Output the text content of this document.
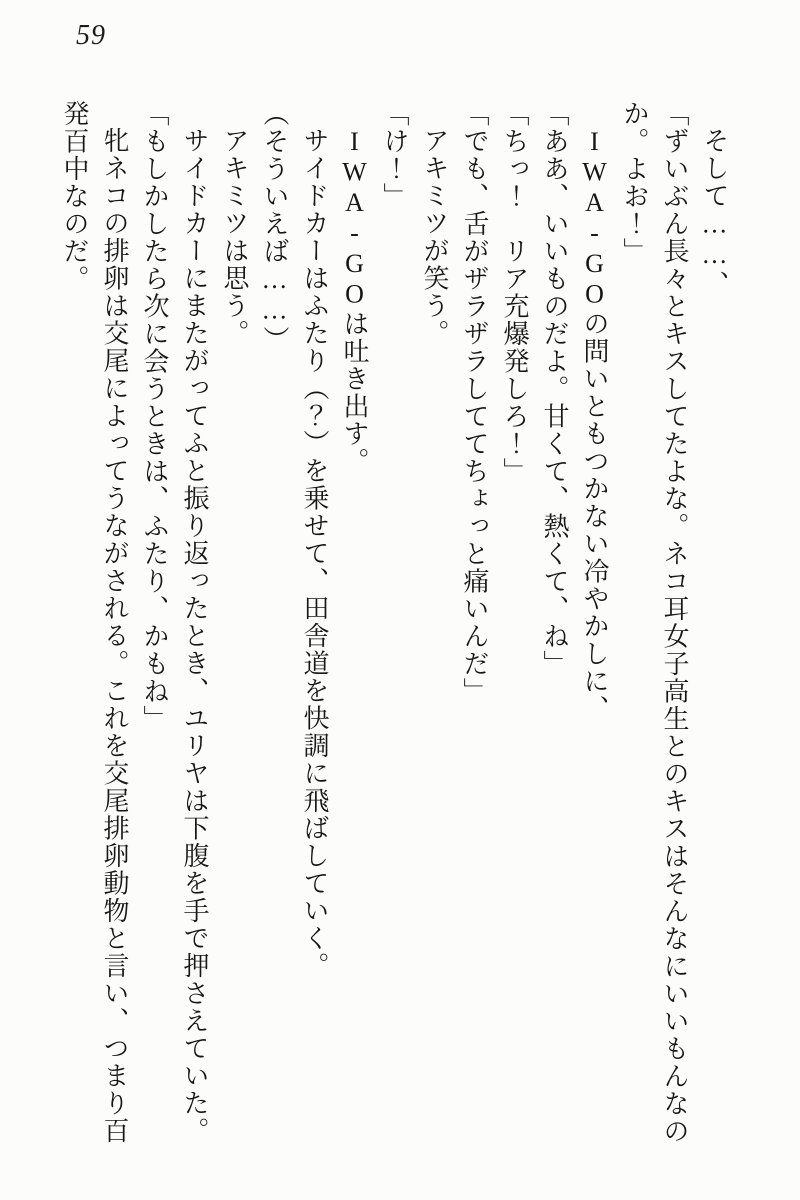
59

そして……、

「ずいぶん長々とキスしてたよな。ネコ耳女子高生とのキスはそんなにいいもんなの

か。よお！」

IWA-GOの問いともつかない冷やかしに、

「ああ、いいものだよ。甘くて、熱くて、ね」

「ちっ！　リア充爆発しろ！」

「でも、舌がザラザラしててちょっと痛いんだ」

アキミツが笑う。

「け！」

IWA-GOは吐き出す。

サイドカーはふたり（？）を乗せて、田舎道を快調に飛ばしていく。

（そういえば……）

アキミツは思う。

サイドカーにまたがってふと振り返ったとき、ユリヤは下腹を手で押さえていた。

「もしかしたら次に会うときは、ふたり、かもね」

牝ネコの排卵は交尾によってうながされる。これを交尾排卵動物と言い、つまり百

発百中なのだ。
